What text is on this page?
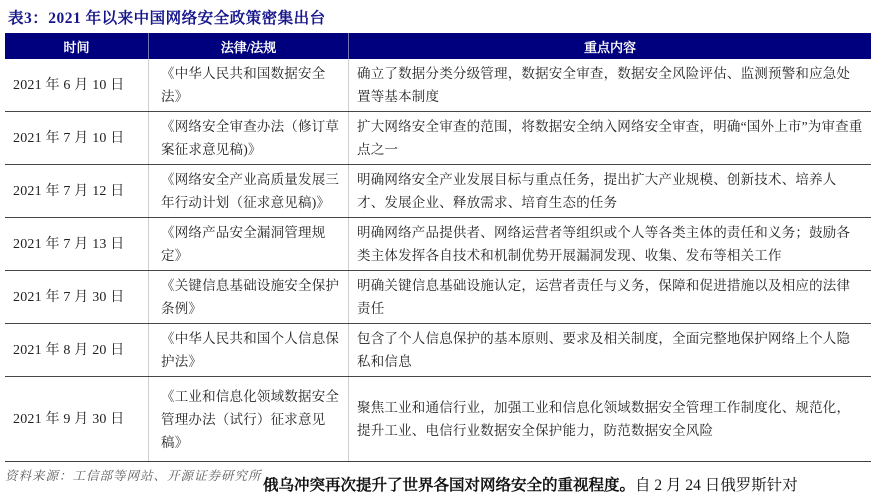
表3：2021 年以来中国网络安全政策密集出台
时间	法律/法规	重点内容
2021 年 6 月 10 日
《中华人民共和国数据安全法》
确立了数据分类分级管理，数据安全审查，数据安全风险评估、监测预警和应急处置等基本制度
2021 年 7 月 10 日
《网络安全审查办法（修订草案征求意见稿)》
扩大网络安全审查的范围，将数据安全纳入网络安全审查，明确“国外上市”为审查重点之一
2021 年 7 月 12 日
《网络安全产业高质量发展三年行动计划（征求意见稿)》
明确网络安全产业发展目标与重点任务，提出扩大产业规模、创新技术、培养人才、发展企业、释放需求、培育生态的任务
2021 年 7 月 13 日
《网络产品安全漏洞管理规定》
明确网络产品提供者、网络运营者等组织或个人等各类主体的责任和义务；鼓励各类主体发挥各自技术和机制优势开展漏洞发现、收集、发布等相关工作
2021 年 7 月 30 日
《关键信息基础设施安全保护条例》
明确关键信息基础设施认定，运营者责任与义务，保障和促进措施以及相应的法律责任
2021 年 8 月 20 日
《中华人民共和国个人信息保护法》
包含了个人信息保护的基本原则、要求及相关制度，全面完整地保护网络上个人隐私和信息
2021 年 9 月 30 日
《工业和信息化领域数据安全管理办法（试行）征求意见稿》
聚焦工业和通信行业，加强工业和信息化领域数据安全管理工作制度化、规范化，提升工业、电信行业数据安全保护能力，防范数据安全风险
资料来源：工信部等网站、开源证券研究所

俄乌冲突再次提升了世界各国对网络安全的重视程度。自 2 月 24 日俄罗斯针对
